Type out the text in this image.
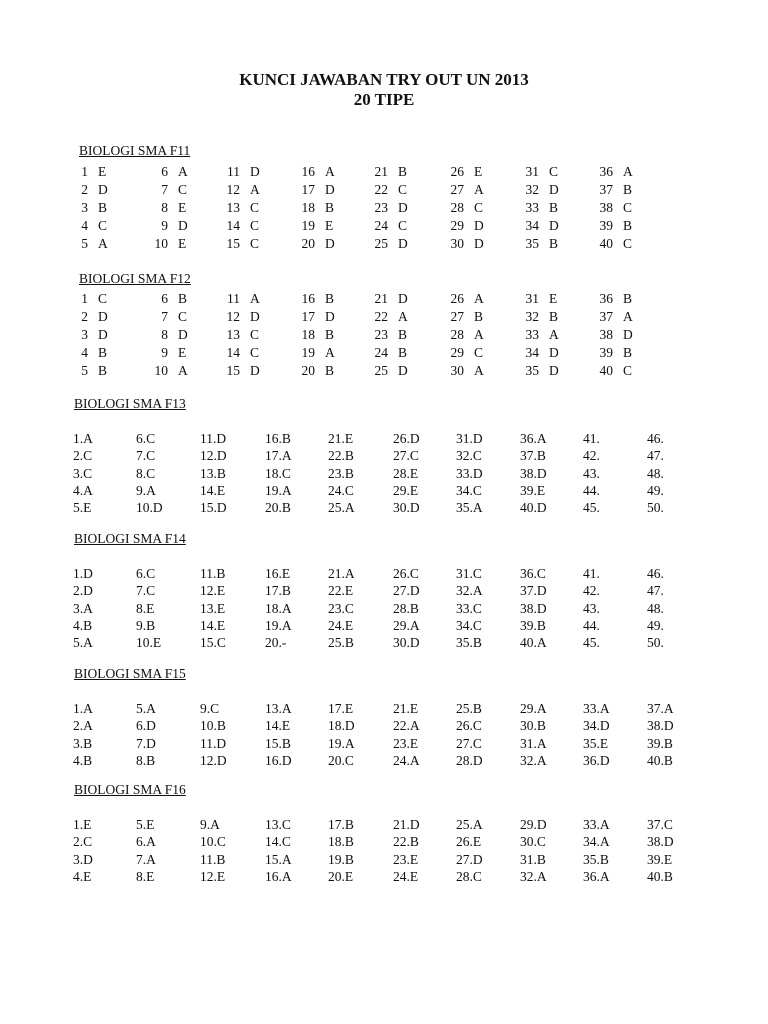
KUNCI JAWABAN TRY OUT UN 2013
20 TIPE
BIOLOGI SMA F11
1 E
2 D
3 B
4 C
5 A
6 A
7 C
8 E
9 D
10 E
11 D
12 A
13 C
14 C
15 C
16 A
17 D
18 B
19 E
20 D
21 B
22 C
23 D
24 C
25 D
26 E
27 A
28 C
29 D
30 D
31 C
32 D
33 B
34 D
35 B
36 A
37 B
38 C
39 B
40 C
BIOLOGI SMA F12
1 C
2 D
3 D
4 B
5 B
6 B
7 C
8 D
9 E
10 A
11 A
12 D
13 C
14 C
15 D
16 B
17 D
18 B
19 A
20 B
21 D
22 A
23 B
24 B
25 D
26 A
27 B
28 A
29 C
30 A
31 E
32 B
33 A
34 D
35 D
36 B
37 A
38 D
39 B
40 C
BIOLOGI SMA F13
1.A
2.C
3.C
4.A
5.E
6.C
7.C
8.C
9.A
10.D
11.D
12.D
13.B
14.E
15.D
16.B
17.A
18.C
19.A
20.B
21.E
22.B
23.B
24.C
25.A
26.D
27.C
28.E
29.E
30.D
31.D
32.C
33.D
34.C
35.A
36.A
37.B
38.D
39.E
40.D
41.
42.
43.
44.
45.
46.
47.
48.
49.
50.
BIOLOGI SMA F14
1.D
2.D
3.A
4.B
5.A
6.C
7.C
8.E
9.B
10.E
11.B
12.E
13.E
14.E
15.C
16.E
17.B
18.A
19.A
20.-
21.A
22.E
23.C
24.E
25.B
26.C
27.D
28.B
29.A
30.D
31.C
32.A
33.C
34.C
35.B
36.C
37.D
38.D
39.B
40.A
41.
42.
43.
44.
45.
46.
47.
48.
49.
50.
BIOLOGI SMA F15
1.A
2.A
3.B
4.B
5.A
6.D
7.D
8.B
9.C
10.B
11.D
12.D
13.A
14.E
15.B
16.D
17.E
18.D
19.A
20.C
21.E
22.A
23.E
24.A
25.B
26.C
27.C
28.D
29.A
30.B
31.A
32.A
33.A
34.D
35.E
36.D
37.A
38.D
39.B
40.B
BIOLOGI SMA F16
1.E
2.C
3.D
4.E
5.E
6.A
7.A
8.E
9.A
10.C
11.B
12.E
13.C
14.C
15.A
16.A
17.B
18.B
19.B
20.E
21.D
22.B
23.E
24.E
25.A
26.E
27.D
28.C
29.D
30.C
31.B
32.A
33.A
34.A
35.B
36.A
37.C
38.D
39.E
40.B
